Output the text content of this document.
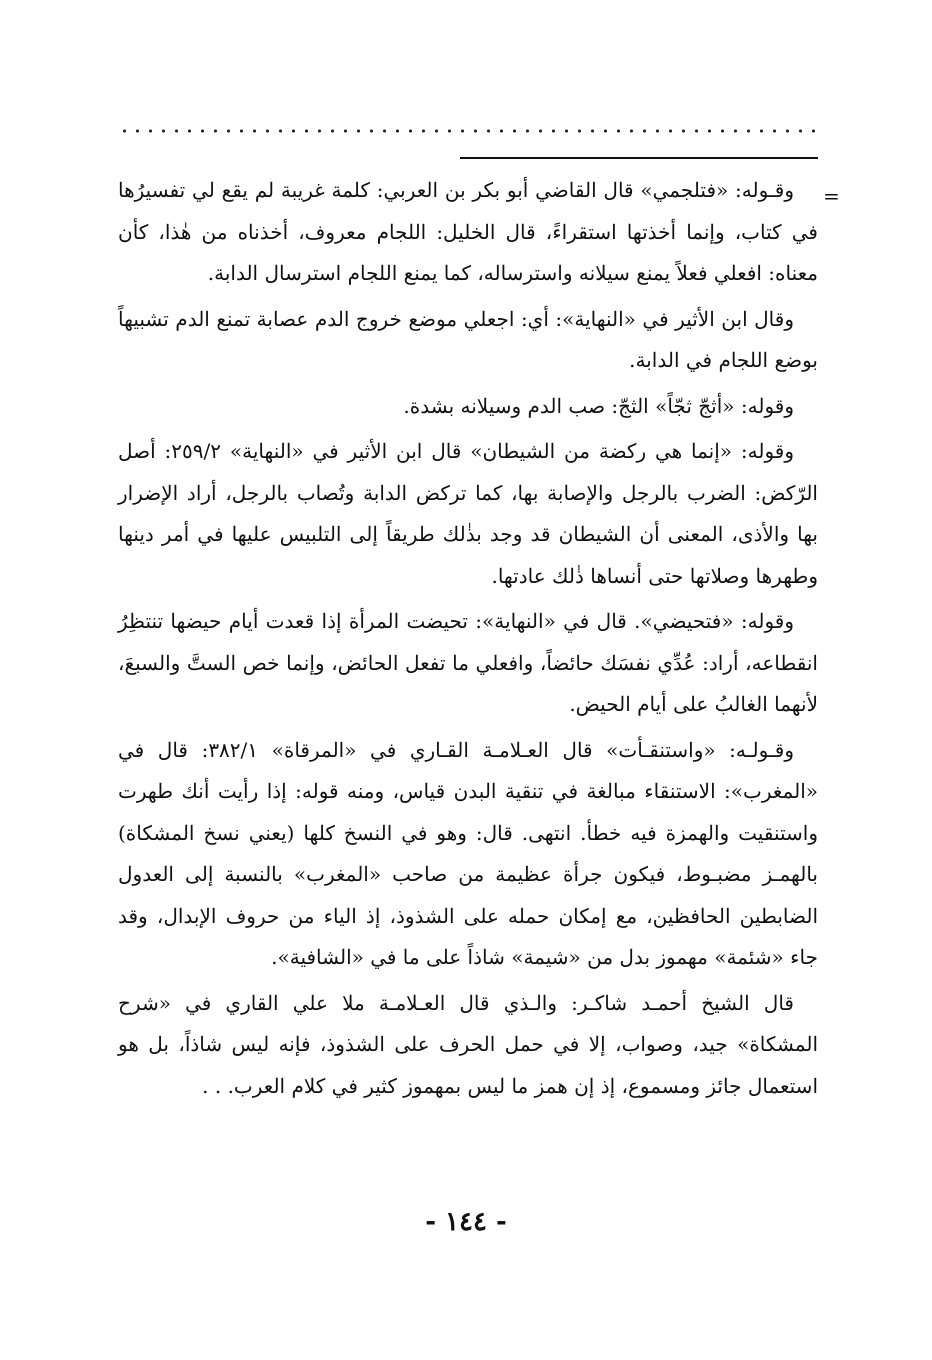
=

وقـوله: «فتلجمي» قال القاضي أبو بكر بن العربي: كلمة غريبة لم يقع لي تفسيرُها في كتاب، وإنما أخذتها استقراءً، قال الخليل: اللجام معروف، أخذناه من هٰذا، كأن معناه: افعلي فعلاً يمنع سيلانه واسترساله، كما يمنع اللجام استرسال الدابة.

وقال ابن الأثير في «النهاية»: أي: اجعلي موضع خروج الدم عصابة تمنع الدم تشبيهاً بوضع اللجام في الدابة.

وقوله: «أثجّ ثجّاً» الثجّ: صب الدم وسيلانه بشدة.

وقوله: «إنما هي ركضة من الشيطان» قال ابن الأثير في «النهاية» ٢٥٩/٢: أصل الرّكض: الضرب بالرجل والإصابة بها، كما تركض الدابة وتُصاب بالرجل، أراد الإضرار بها والأذى، المعنى أن الشيطان قد وجد بذٰلك طريقاً إلى التلبيس عليها في أمر دينها وطهرها وصلاتها حتى أنساها ذٰلك عادتها.

وقوله: «فتحيضي». قال في «النهاية»: تحيضت المرأة إذا قعدت أيام حيضها تنتظِرُ انقطاعه، أراد: عُدِّي نفسَك حائضاً، وافعلي ما تفعل الحائض، وإنما خص الستَّ والسبعَ، لأنهما الغالبُ على أيام الحيض.

وقـولـه: «واستنقـأت» قال العـلامـة القـاري في «المرقاة» ٣٨٢/١: قال في «المغرب»: الاستنقاء مبالغة في تنقية البدن قياس، ومنه قوله: إذا رأيت أنك طهرت واستنقيت والهمزة فيه خطأ. انتهى. قال: وهو في النسخ كلها (يعني نسخ المشكاة) بالهمـز مضبـوط، فيكون جرأة عظيمة من صاحب «المغرب» بالنسبة إلى العدول الضابطين الحافظين، مع إمكان حمله على الشذوذ، إذ الياء من حروف الإبدال، وقد جاء «شئمة» مهموز بدل من «شيمة» شاذاً على ما في «الشافية».

قال الشيخ أحمـد شاكـر: والـذي قال العـلامـة ملا علي القاري في «شرح المشكاة» جيد، وصواب، إلا في حمل الحرف على الشذوذ، فإنه ليس شاذاً، بل هو استعمال جائز ومسموع، إذ إن همز ما ليس بمهموز كثير في كلام العرب. . .

- ١٤٤ -
